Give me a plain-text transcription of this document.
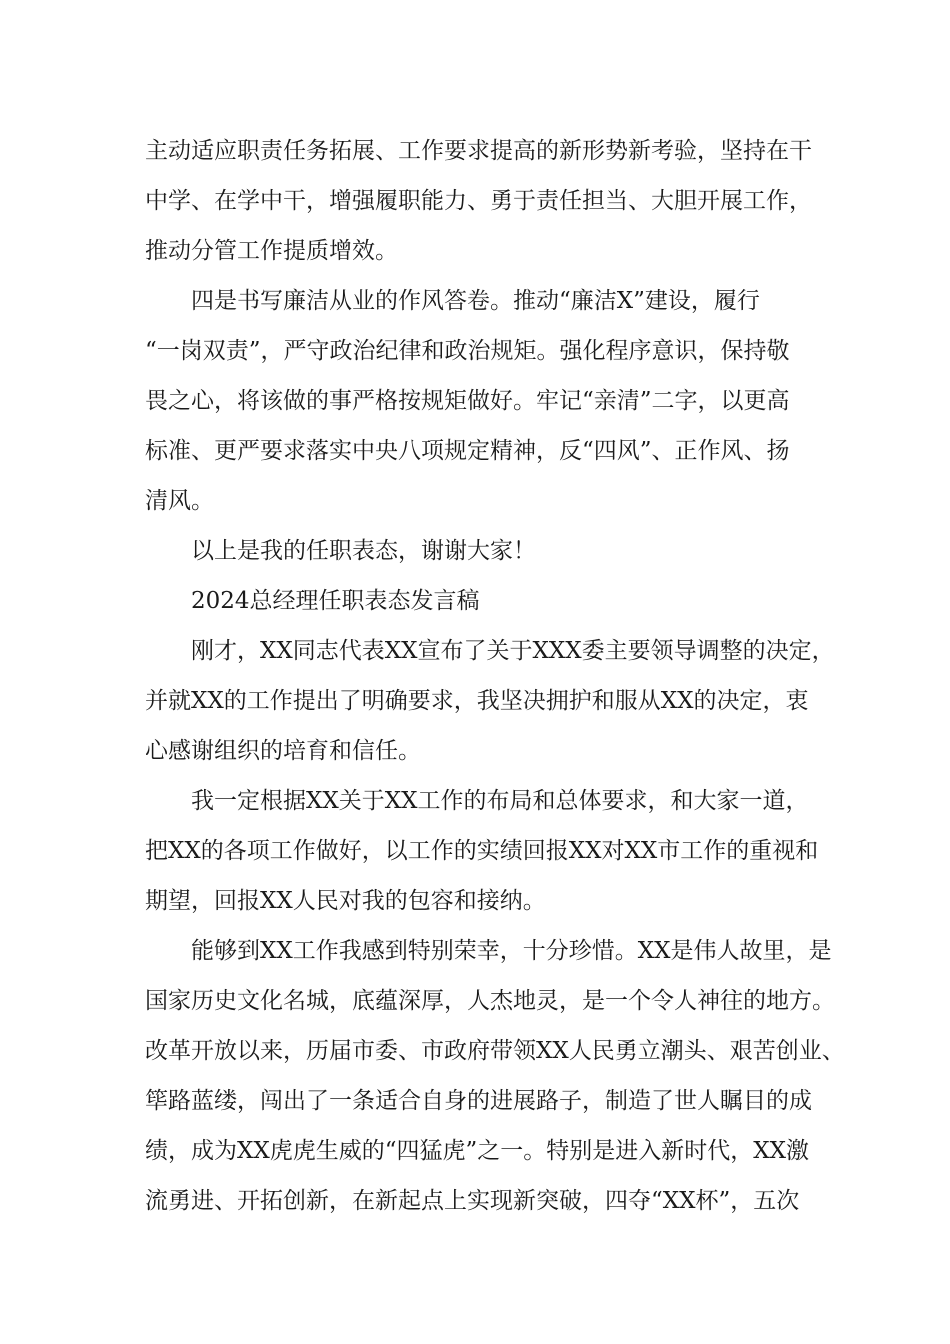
主动适应职责任务拓展、工作要求提高的新形势新考验，坚持在干
中学、在学中干，增强履职能力、勇于责任担当、大胆开展工作，
推动分管工作提质增效。
四是书写廉洁从业的作风答卷。推动“廉洁X”建设，履行
“一岗双责”，严守政治纪律和政治规矩。强化程序意识，保持敬
畏之心，将该做的事严格按规矩做好。牢记“亲清”二字，以更高
标准、更严要求落实中央八项规定精神，反“四风”、正作风、扬
清风。
以上是我的任职表态，谢谢大家！
2024总经理任职表态发言稿
刚才，XX同志代表XX宣布了关于XXX委主要领导调整的决定，
并就XX的工作提出了明确要求，我坚决拥护和服从XX的决定，衷
心感谢组织的培育和信任。
我一定根据XX关于XX工作的布局和总体要求，和大家一道，
把XX的各项工作做好，以工作的实绩回报XX对XX市工作的重视和
期望，回报XX人民对我的包容和接纳。
能够到XX工作我感到特别荣幸，十分珍惜。XX是伟人故里，是
国家历史文化名城，底蕴深厚，人杰地灵，是一个令人神往的地方。
改革开放以来，历届市委、市政府带领XX人民勇立潮头、艰苦创业、
筚路蓝缕，闯出了一条适合自身的进展路子，制造了世人瞩目的成
绩，成为XX虎虎生威的“四猛虎”之一。特别是进入新时代，XX激
流勇进、开拓创新，在新起点上实现新突破，四夺“XX杯”，五次
